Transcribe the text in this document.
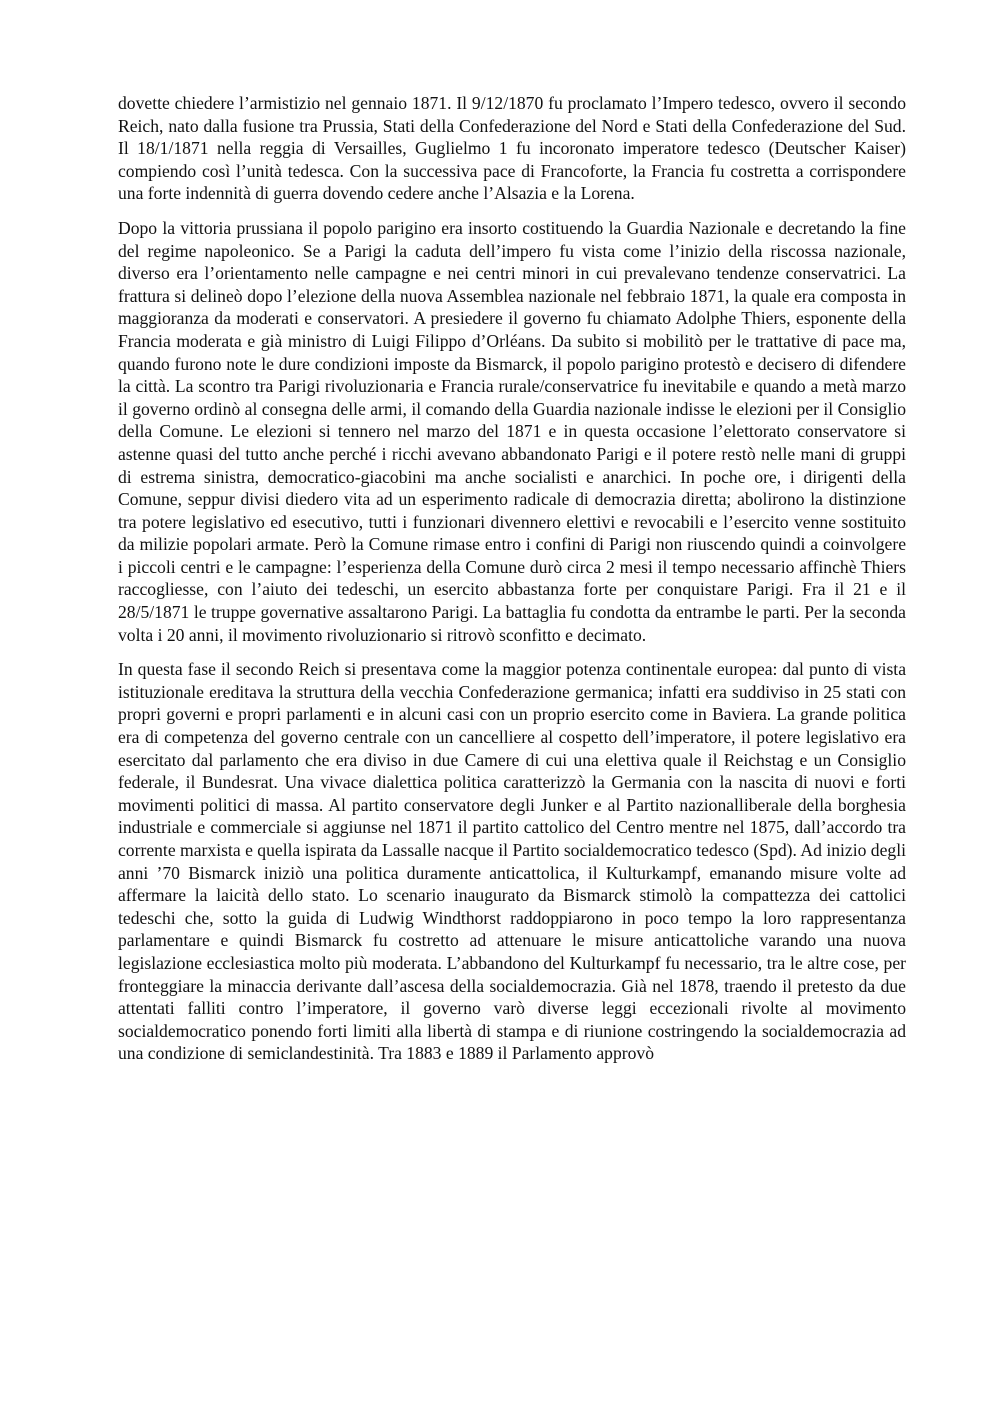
dovette chiedere l’armistizio nel gennaio 1871. Il 9/12/1870 fu proclamato l’Impero tedesco, ovvero il secondo Reich, nato dalla fusione tra Prussia, Stati della Confederazione del Nord e Stati della Confederazione del Sud. Il 18/1/1871 nella reggia di Versailles, Guglielmo 1 fu incoronato imperatore tedesco (Deutscher Kaiser) compiendo così l’unità tedesca. Con la successiva pace di Francoforte, la Francia fu costretta a corrispondere una forte indennità di guerra dovendo cedere anche l’Alsazia e la Lorena.

Dopo la vittoria prussiana il popolo parigino era insorto costituendo la Guardia Nazionale e decretando la fine del regime napoleonico. Se a Parigi la caduta dell’impero fu vista come l’inizio della riscossa nazionale, diverso era l’orientamento nelle campagne e nei centri minori in cui prevalevano tendenze conservatrici. La frattura si delineò dopo l’elezione della nuova Assemblea nazionale nel febbraio 1871, la quale era composta in maggioranza da moderati e conservatori. A presiedere il governo fu chiamato Adolphe Thiers, esponente della Francia moderata e già ministro di Luigi Filippo d’Orléans. Da subito si mobilitò per le trattative di pace ma, quando furono note le dure condizioni imposte da Bismarck, il popolo parigino protestò e decisero di difendere la città. La scontro tra Parigi rivoluzionaria e Francia rurale/conservatrice fu inevitabile e quando a metà marzo il governo ordinò al consegna delle armi, il comando della Guardia nazionale indisse le elezioni per il Consiglio della Comune. Le elezioni si tennero nel marzo del 1871 e in questa occasione l’elettorato conservatore si astenne quasi del tutto anche perché i ricchi avevano abbandonato Parigi e il potere restò nelle mani di gruppi di estrema sinistra, democratico-giacobini ma anche socialisti e anarchici. In poche ore, i dirigenti della Comune, seppur divisi diedero vita ad un esperimento radicale di democrazia diretta; abolirono la distinzione tra potere legislativo ed esecutivo, tutti i funzionari divennero elettivi e revocabili e l’esercito venne sostituito da milizie popolari armate. Però la Comune rimase entro i confini di Parigi non riuscendo quindi a coinvolgere i piccoli centri e le campagne: l’esperienza della Comune durò circa 2 mesi il tempo necessario affinchè Thiers raccogliesse, con l’aiuto dei tedeschi, un esercito abbastanza forte per conquistare Parigi. Fra il 21 e il 28/5/1871 le truppe governative assaltarono Parigi. La battaglia fu condotta da entrambe le parti. Per la seconda volta i 20 anni, il movimento rivoluzionario si ritrovò sconfitto e decimato.

In questa fase il secondo Reich si presentava come la maggior potenza continentale europea: dal punto di vista istituzionale ereditava la struttura della vecchia Confederazione germanica; infatti era suddiviso in 25 stati con propri governi e propri parlamenti e in alcuni casi con un proprio esercito come in Baviera. La grande politica era di competenza del governo centrale con un cancelliere al cospetto dell’imperatore, il potere legislativo era esercitato dal parlamento che era diviso in due Camere di cui una elettiva quale il Reichstag e un Consiglio federale, il Bundesrat. Una vivace dialettica politica caratterizzò la Germania con la nascita di nuovi e forti movimenti politici di massa. Al partito conservatore degli Junker e al Partito nazionalliberale della borghesia industriale e commerciale si aggiunse nel 1871 il partito cattolico del Centro mentre nel 1875, dall’accordo tra corrente marxista e quella ispirata da Lassalle nacque il Partito socialdemocratico tedesco (Spd). Ad inizio degli anni ’70 Bismarck iniziò una politica duramente anticattolica, il Kulturkampf, emanando misure volte ad affermare la laicità dello stato. Lo scenario inaugurato da Bismarck stimolò la compattezza dei cattolici tedeschi che, sotto la guida di Ludwig Windthorst raddoppiarono in poco tempo la loro rappresentanza parlamentare e quindi Bismarck fu costretto ad attenuare le misure anticattoliche varando una nuova legislazione ecclesiastica molto più moderata. L’abbandono del Kulturkampf fu necessario, tra le altre cose, per fronteggiare la minaccia derivante dall’ascesa della socialdemocrazia. Già nel 1878, traendo il pretesto da due attentati falliti contro l’imperatore, il governo varò diverse leggi eccezionali rivolte al movimento socialdemocratico ponendo forti limiti alla libertà di stampa e di riunione costringendo la socialdemocrazia ad una condizione di semiclandestinità. Tra 1883 e 1889 il Parlamento approvò
